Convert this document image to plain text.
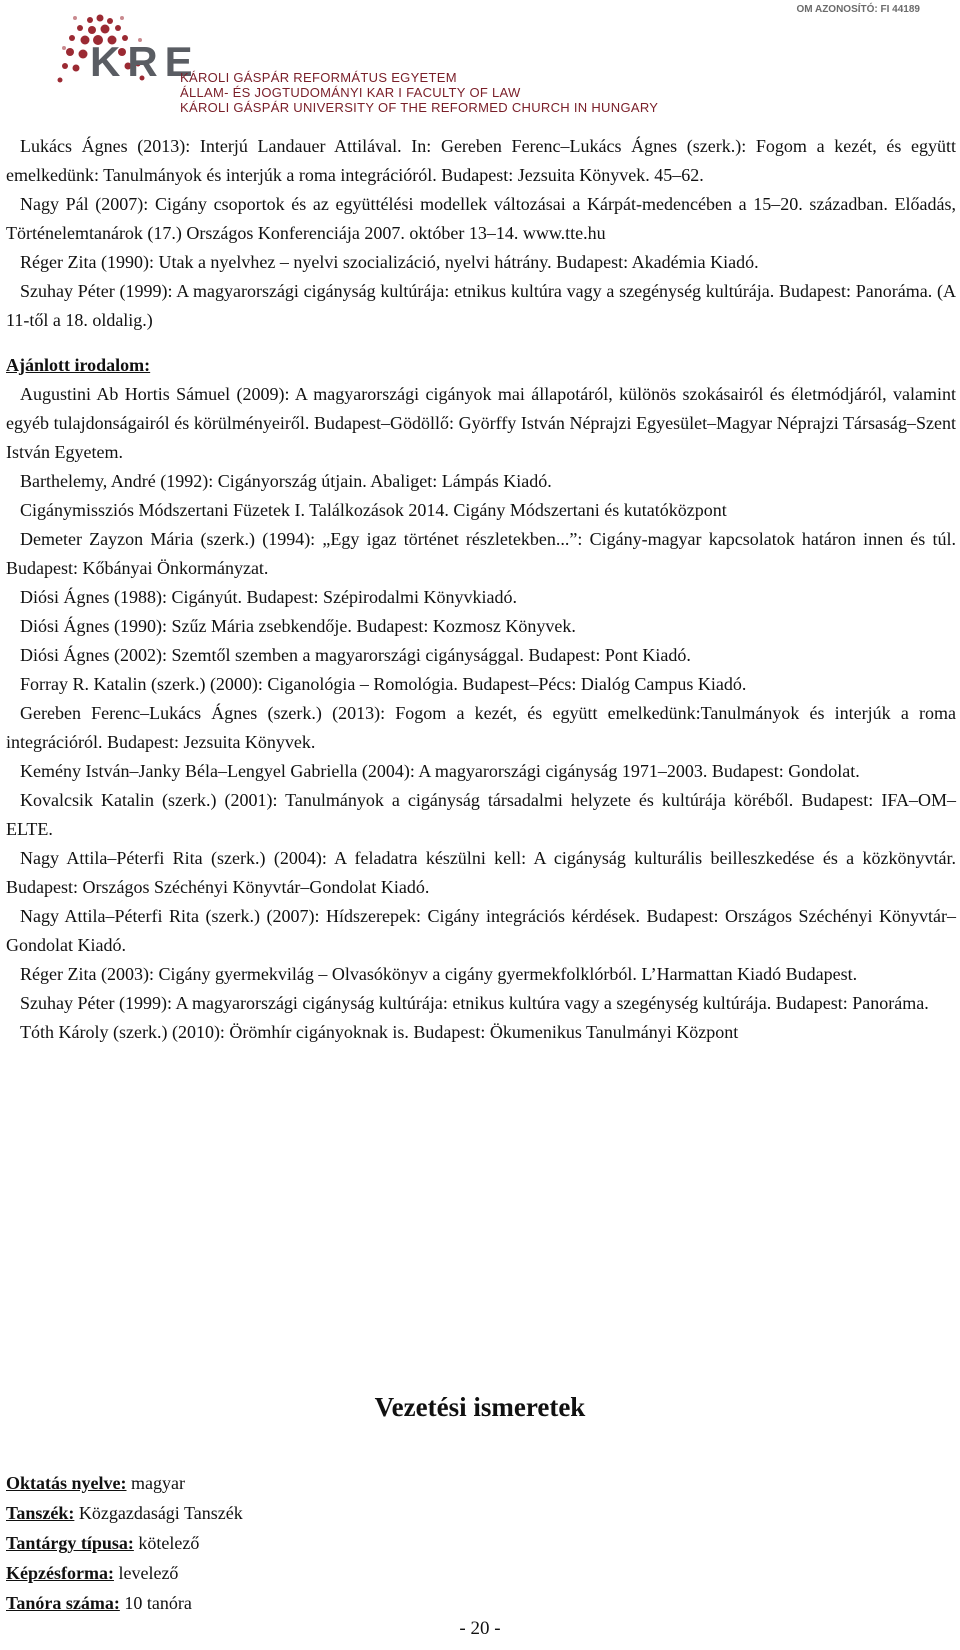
KRE
KÁROLI GÁSPÁR REFORMÁTUS EGYETEM
ÁLLAM- ÉS JOGTUDOMÁNYI KAR I FACULTY OF LAW
KÁROLI GÁSPÁR UNIVERSITY OF THE REFORMED CHURCH IN HUNGARY
OM AZONOSÍTÓ: FI 44189

Lukács Ágnes (2013): Interjú Landauer Attilával. In: Gereben Ferenc–Lukács Ágnes (szerk.): Fogom a kezét, és együtt emelkedünk: Tanulmányok és interjúk a roma integrációról. Budapest: Jezsuita Könyvek. 45–62.

Nagy Pál (2007): Cigány csoportok és az együttélési modellek változásai a Kárpát-medencében a 15–20. században. Előadás, Történelemtanárok (17.) Országos Konferenciája 2007. október 13–14. www.tte.hu

Réger Zita (1990): Utak a nyelvhez – nyelvi szocializáció, nyelvi hátrány. Budapest: Akadémia Kiadó.

Szuhay Péter (1999): A magyarországi cigányság kultúrája: etnikus kultúra vagy a szegénység kultúrája. Budapest: Panoráma. (A 11-től a 18. oldalig.)

Ajánlott irodalom:

Augustini Ab Hortis Sámuel (2009): A magyarországi cigányok mai állapotáról, különös szokásairól és életmódjáról, valamint egyéb tulajdonságairól és körülményeiről. Budapest–Gödöllő: Györffy István Néprajzi Egyesület–Magyar Néprajzi Társaság–Szent István Egyetem.

Barthelemy, André (1992): Cigányország útjain. Abaliget: Lámpás Kiadó.

Cigánymissziós Módszertani Füzetek I. Találkozások 2014. Cigány Módszertani és kutatóközpont

Demeter Zayzon Mária (szerk.) (1994): „Egy igaz történet részletekben...”: Cigány-magyar kapcsolatok határon innen és túl. Budapest: Kőbányai Önkormányzat.

Diósi Ágnes (1988): Cigányút. Budapest: Szépirodalmi Könyvkiadó.

Diósi Ágnes (1990): Szűz Mária zsebkendője. Budapest: Kozmosz Könyvek.

Diósi Ágnes (2002): Szemtől szemben a magyarországi cigánysággal. Budapest: Pont Kiadó.

Forray R. Katalin (szerk.) (2000): Ciganológia – Romológia. Budapest–Pécs: Dialóg Campus Kiadó.

Gereben Ferenc–Lukács Ágnes (szerk.) (2013): Fogom a kezét, és együtt emelkedünk:Tanulmányok és interjúk a roma integrációról. Budapest: Jezsuita Könyvek.

Kemény István–Janky Béla–Lengyel Gabriella (2004): A magyarországi cigányság 1971–2003. Budapest: Gondolat.

Kovalcsik Katalin (szerk.) (2001): Tanulmányok a cigányság társadalmi helyzete és kultúrája köréből. Budapest: IFA–OM–ELTE.

Nagy Attila–Péterfi Rita (szerk.) (2004): A feladatra készülni kell: A cigányság kulturális beilleszkedése és a közkönyvtár. Budapest: Országos Széchényi Könyvtár–Gondolat Kiadó.

Nagy Attila–Péterfi Rita (szerk.) (2007): Hídszerepek: Cigány integrációs kérdések. Budapest: Országos Széchényi Könyvtár–Gondolat Kiadó.

Réger Zita (2003): Cigány gyermekvilág – Olvasókönyv a cigány gyermekfolklórból. L’Harmattan Kiadó Budapest.

Szuhay Péter (1999): A magyarországi cigányság kultúrája: etnikus kultúra vagy a szegénység kultúrája. Budapest: Panoráma.

Tóth Károly (szerk.) (2010): Örömhír cigányoknak is. Budapest: Ökumenikus Tanulmányi Központ

Vezetési ismeretek
Oktatás nyelve: magyar
Tanszék: Közgazdasági Tanszék
Tantárgy típusa: kötelező
Képzésforma: levelező
Tanóra száma: 10 tanóra
- 20 -
